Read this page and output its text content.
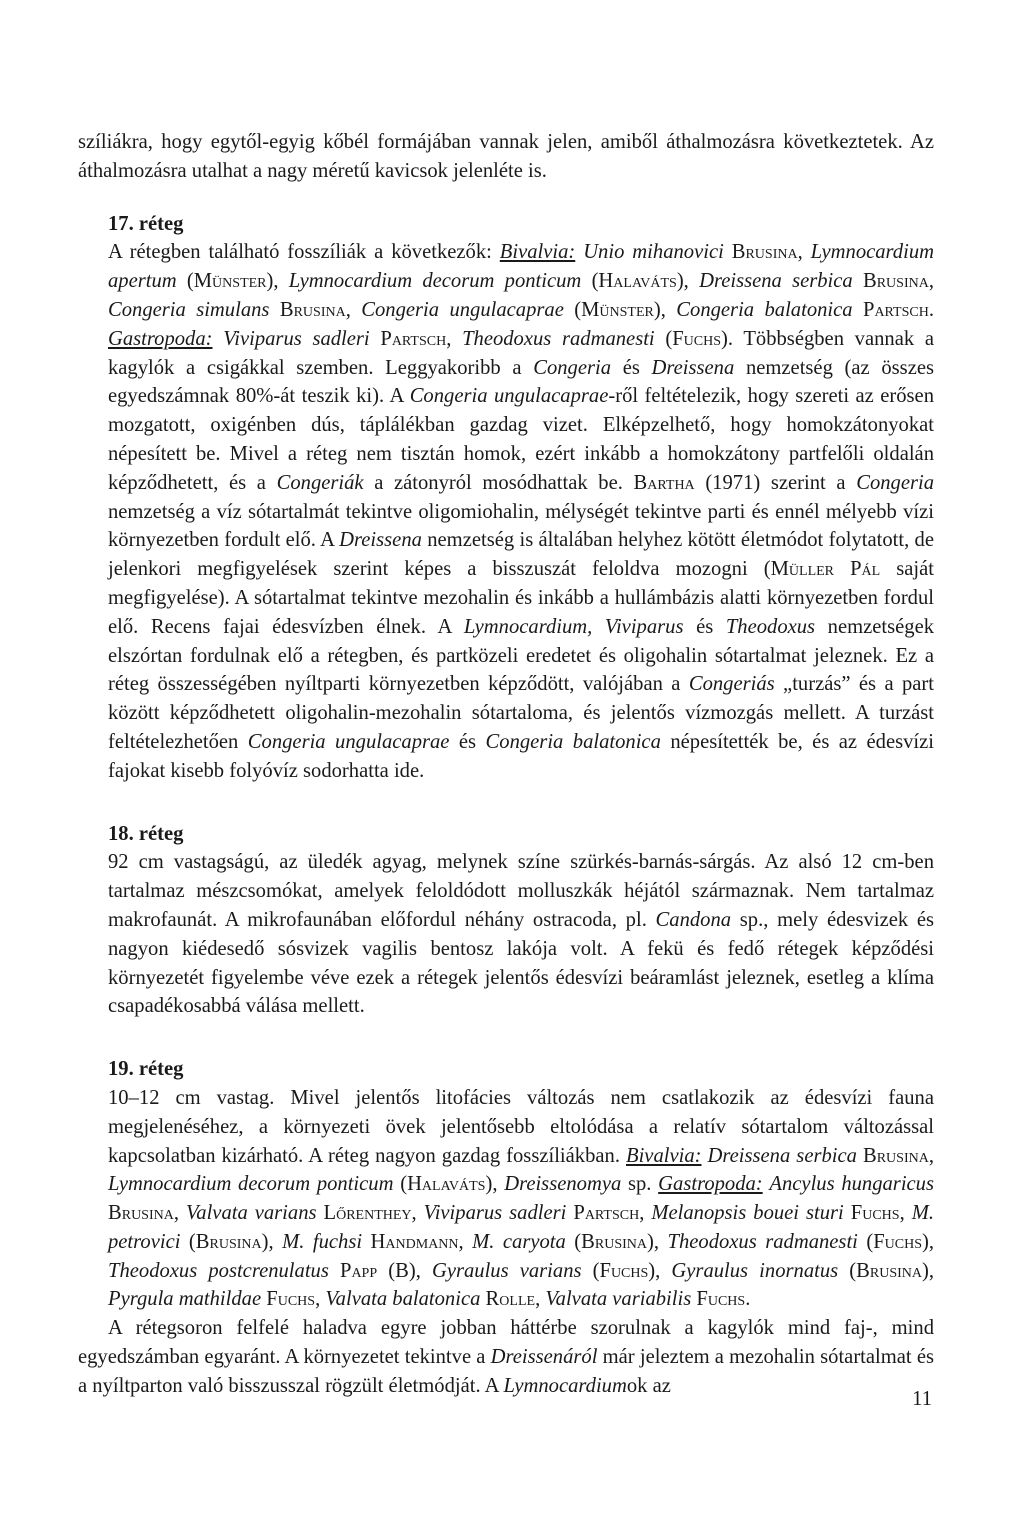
szíliákra, hogy egytől-egyig kőbél formájában vannak jelen, amiből áthalmozásra következtetek. Az áthalmozásra utalhat a nagy méretű kavicsok jelenléte is.

17. réteg

A rétegben található fosszíliák a következők: Bivalvia: Unio mihanovici Brusina, Lymnocardium apertum (Münster), Lymnocardium decorum ponticum (Halaváts), Dreissena serbica Brusina, Congeria simulans Brusina, Congeria ungulacaprae (Münster), Congeria balatonica Partsch. Gastropoda: Viviparus sadleri Partsch, Theodoxus radmanesti (Fuchs). Többségben vannak a kagylók a csigákkal szemben. Leggyakoribb a Congeria és Dreissena nemzetség (az összes egyedszámnak 80%-át teszik ki). A Congeria ungulacaprae-ről feltételezik, hogy szereti az erősen mozgatott, oxigénben dús, táplálékban gazdag vizet. Elképzelhető, hogy homokzátonyokat népesített be. Mivel a réteg nem tisztán homok, ezért inkább a homokzátony partfelőli oldalán képződhetett, és a Congeriák a zátonyról mosódhattak be. Bartha (1971) szerint a Congeria nemzetség a víz sótartalmát tekintve oligomiohalin, mélységét tekintve parti és ennél mélyebb vízi környezetben fordult elő. A Dreissena nemzetség is általában helyhez kötött életmódot folytatott, de jelenkori megfigyelések szerint képes a bisszuszát feloldva mozogni (Müller Pál saját megfigyelése). A sótartalmat tekintve mezohalin és inkább a hullámbázis alatti környezetben fordul elő. Recens fajai édesvízben élnek. A Lymnocardium, Viviparus és Theodoxus nemzetségek elszórtan fordulnak elő a rétegben, és partközeli eredetet és oligohalin sótartalmat jeleznek. Ez a réteg összességében nyíltparti környezetben képződött, valójában a Congeriás „turzás” és a part között képződhetett oligohalin-mezohalin sótartaloma, és jelentős vízmozgás mellett. A turzást feltételezhetően Congeria ungulacaprae és Congeria balatonica népesítették be, és az édesvízi fajokat kisebb folyóvíz sodorhatta ide.

18. réteg

92 cm vastagságú, az üledék agyag, melynek színe szürkés-barnás-sárgás. Az alsó 12 cm-ben tartalmaz mészcsomókat, amelyek feloldódott molluszkák héjától származnak. Nem tartalmaz makrofaunát. A mikrofaunában előfordul néhány ostracoda, pl. Candona sp., mely édesvizek és nagyon kiédesedő sósvizek vagilis bentosz lakója volt. A fekü és fedő rétegek képződési környezetét figyelembe véve ezek a rétegek jelentős édesvízi beáramlást jeleznek, esetleg a klíma csapadékosabbá válása mellett.

19. réteg

10–12 cm vastag. Mivel jelentős litofácies változás nem csatlakozik az édesvízi fauna megjelenéséhez, a környezeti övek jelentősebb eltolódása a relatív sótartalom változással kapcsolatban kizárható. A réteg nagyon gazdag fosszíliákban. Bivalvia: Dreissena serbica Brusina, Lymnocardium decorum ponticum (Halaváts), Dreissenomya sp. Gastropoda: Ancylus hungaricus Brusina, Valvata varians Lőrenthey, Viviparus sadleri Partsch, Melanopsis bouei sturi Fuchs, M. petrovici (Brusina), M. fuchsi Handmann, M. caryota (Brusina), Theodoxus radmanesti (Fuchs), Theodoxus postcrenulatus Papp (B), Gyraulus varians (Fuchs), Gyraulus inornatus (Brusina), Pyrgula mathildae Fuchs, Valvata balatonica Rolle, Valvata variabilis Fuchs.

A rétegsoron felfelé haladva egyre jobban háttérbe szorulnak a kagylók mind faj-, mind egyedszámban egyaránt. A környezetet tekintve a Dreissenáról már jeleztem a mezohalin sótartalmat és a nyíltparton való bisszusszal rögzült életmódját. A Lymnocardiumok az

11
